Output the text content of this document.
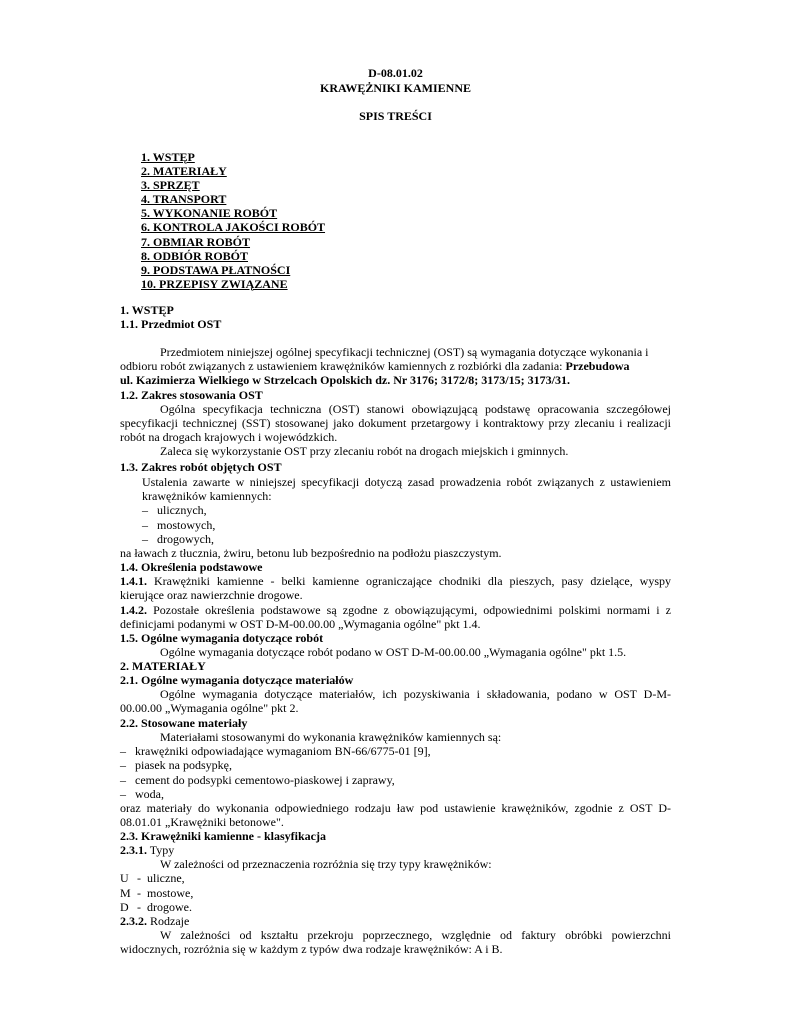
D-08.01.02
KRAWĘŻNIKI KAMIENNE
SPIS TREŚCI
1. WSTĘP
2. MATERIAŁY
3. SPRZĘT
4. TRANSPORT
5. WYKONANIE ROBÓT
6. KONTROLA JAKOŚCI ROBÓT
7. OBMIAR ROBÓT
8. ODBIÓR ROBÓT
9. PODSTAWA PŁATNOŚCI
10. PRZEPISY ZWIĄZANE
1. WSTĘP
1.1. Przedmiot OST
Przedmiotem niniejszej ogólnej specyfikacji technicznej (OST) są wymagania dotyczące wykonania i
odbioru robót związanych z ustawieniem krawężników kamiennych z rozbiórki dla zadania: Przebudowa
ul. Kazimierza Wielkiego w Strzelcach Opolskich dz. Nr 3176; 3172/8; 3173/15; 3173/31.
1.2. Zakres stosowania OST
Ogólna specyfikacja techniczna (OST) stanowi obowiązującą podstawę opracowania szczegółowej
specyfikacji technicznej (SST) stosowanej jako dokument przetargowy i kontraktowy przy zlecaniu i realizacji
robót na drogach krajowych i wojewódzkich.
Zaleca się wykorzystanie OST przy zlecaniu robót na drogach miejskich i gminnych.
1.3. Zakres robót objętych OST
Ustalenia zawarte w niniejszej specyfikacji dotyczą zasad prowadzenia robót związanych z ustawieniem
krawężników kamiennych:
–   ulicznych,
–   mostowych,
–   drogowych,
na ławach z tłucznia, żwiru, betonu lub bezpośrednio na podłożu piaszczystym.
1.4. Określenia podstawowe
1.4.1. Krawężniki kamienne - belki kamienne ograniczające chodniki dla pieszych, pasy dzielące, wyspy
kierujące oraz nawierzchnie drogowe.
1.4.2. Pozostałe określenia podstawowe są zgodne z obowiązującymi, odpowiednimi polskimi normami i z
definicjami podanymi w OST D-M-00.00.00 „Wymagania ogólne" pkt 1.4.
1.5. Ogólne wymagania dotyczące robót
Ogólne wymagania dotyczące robót podano w OST D-M-00.00.00 „Wymagania ogólne" pkt 1.5.
2. MATERIAŁY
2.1. Ogólne wymagania dotyczące materiałów
Ogólne wymagania dotyczące materiałów, ich pozyskiwania i składowania, podano w OST D-M-
00.00.00 „Wymagania ogólne" pkt 2.
2.2. Stosowane materiały
Materiałami stosowanymi do wykonania krawężników kamiennych są:
–   krawężniki odpowiadające wymaganiom BN-66/6775-01 [9],
–   piasek na podsypkę,
–   cement do podsypki cementowo-piaskowej i zaprawy,
–   woda,
oraz materiały do wykonania odpowiedniego rodzaju ław pod ustawienie krawężników, zgodnie z OST D-
08.01.01 „Krawężniki betonowe".
2.3. Krawężniki kamienne - klasyfikacja
2.3.1. Typy
W zależności od przeznaczenia rozróżnia się trzy typy krawężników:
U -  uliczne,
M -  mostowe,
D -  drogowe.
2.3.2. Rodzaje
W zależności od kształtu przekroju poprzecznego, względnie od faktury obróbki powierzchni
widocznych, rozróżnia się w każdym z typów dwa rodzaje krawężników: A i B.
